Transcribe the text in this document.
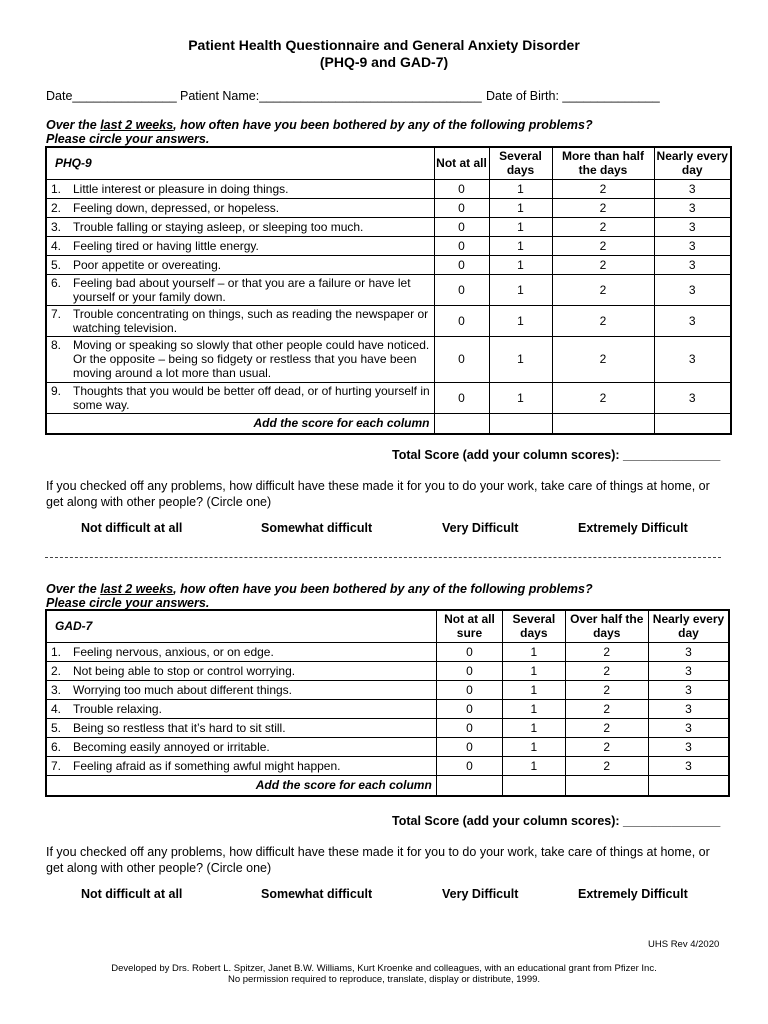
Patient Health Questionnaire and General Anxiety Disorder
(PHQ-9 and GAD-7)
Date_______________ Patient Name:________________________________ Date of Birth: ______________
Over the last 2 weeks, how often have you been bothered by any of the following problems?
Please circle your answers.
PHQ-9	Not at all	Several days	More than half the days	Nearly every day

1. Little interest or pleasure in doing things.	0	1	2	3

2. Feeling down, depressed, or hopeless.	0	1	2	3

3. Trouble falling or staying asleep, or sleeping too much.	0	1	2	3

4. Feeling tired or having little energy.	0	1	2	3

5. Poor appetite or overeating.	0	1	2	3

6. Feeling bad about yourself – or that you are a failure or have let yourself or your family down.	0	1	2	3

7. Trouble concentrating on things, such as reading the newspaper or watching television.	0	1	2	3

8. Moving or speaking so slowly that other people could have noticed. Or the opposite – being so fidgety or restless that you have been moving around a lot more than usual.	0	1	2	3

9. Thoughts that you would be better off dead, or of hurting yourself in some way.	0	1	2	3
Add the score for each column				
Total Score (add your column scores): ______________
If you checked off any problems, how difficult have these made it for you to do your work, take care of things at home, or get along with other people? (Circle one)
Not difficult at all	Somewhat difficult	Very Difficult	Extremely Difficult
Over the last 2 weeks, how often have you been bothered by any of the following problems?
Please circle your answers.
GAD-7	Not at all sure	Several days	Over half the days	Nearly every day

1. Feeling nervous, anxious, or on edge.	0	1	2	3

2. Not being able to stop or control worrying.	0	1	2	3

3. Worrying too much about different things.	0	1	2	3

4. Trouble relaxing.	0	1	2	3

5. Being so restless that it’s hard to sit still.	0	1	2	3

6. Becoming easily annoyed or irritable.	0	1	2	3

7. Feeling afraid as if something awful might happen.	0	1	2	3
Add the score for each column				
Total Score (add your column scores): ______________
If you checked off any problems, how difficult have these made it for you to do your work, take care of things at home, or get along with other people? (Circle one)
Not difficult at all	Somewhat difficult	Very Difficult	Extremely Difficult
UHS Rev 4/2020
Developed by Drs. Robert L. Spitzer, Janet B.W. Williams, Kurt Kroenke and colleagues, with an educational grant from Pfizer Inc.
No permission required to reproduce, translate, display or distribute, 1999.
